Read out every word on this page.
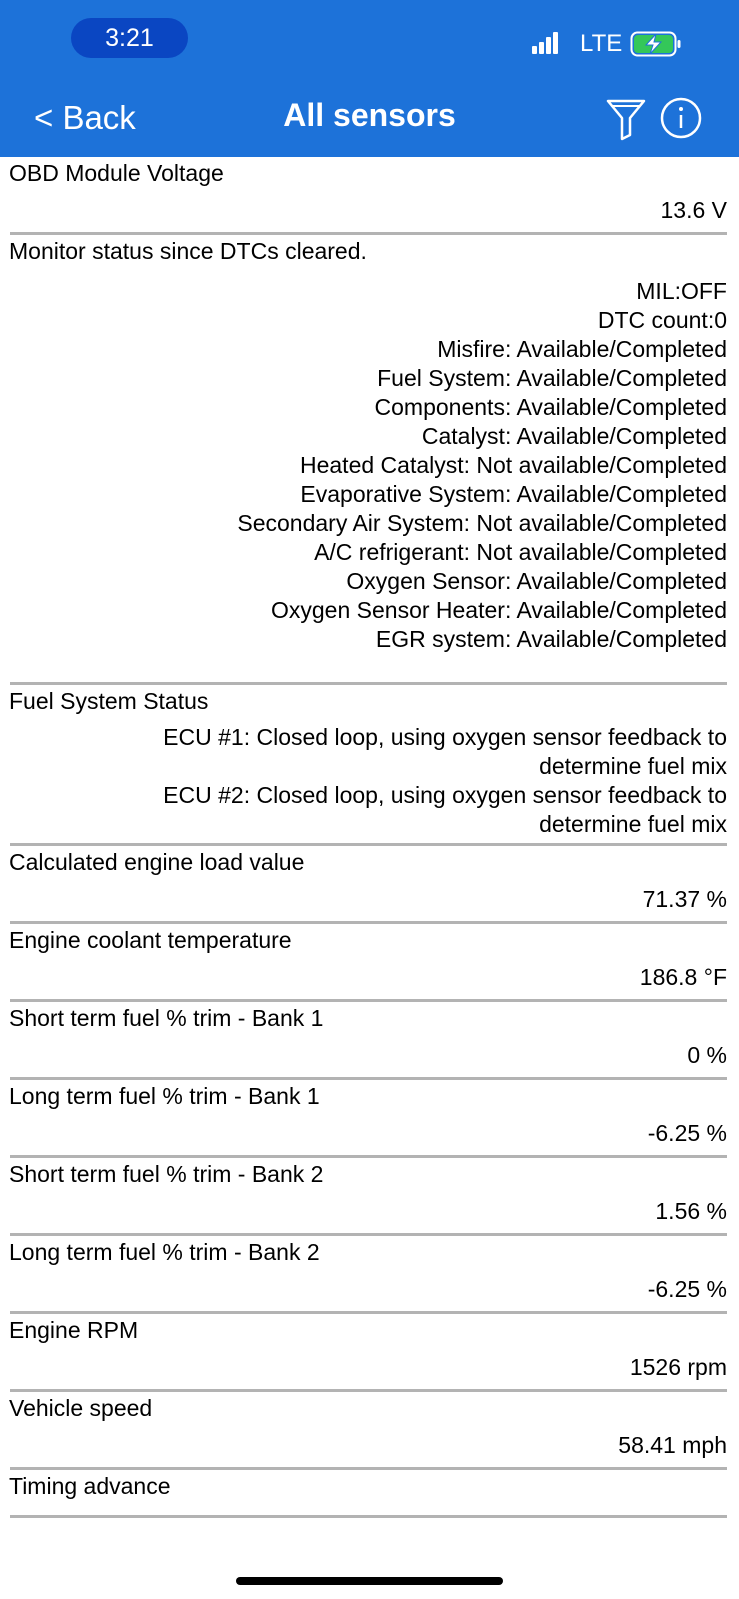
3:21	LTE
< Back	All sensors
OBD Module Voltage
13.6 V
Monitor status since DTCs cleared.
MIL:OFF
DTC count:0
Misfire: Available/Completed
Fuel System: Available/Completed
Components: Available/Completed
Catalyst: Available/Completed
Heated Catalyst: Not available/Completed
Evaporative System: Available/Completed
Secondary Air System: Not available/Completed
A/C refrigerant: Not available/Completed
Oxygen Sensor: Available/Completed
Oxygen Sensor Heater: Available/Completed
EGR system: Available/Completed
Fuel System Status
ECU #1: Closed loop, using oxygen sensor feedback to
determine fuel mix
ECU #2: Closed loop, using oxygen sensor feedback to
determine fuel mix
Calculated engine load value
71.37 %
Engine coolant temperature
186.8 °F
Short term fuel % trim - Bank 1
0 %
Long term fuel % trim - Bank 1
-6.25 %
Short term fuel % trim - Bank 2
1.56 %
Long term fuel % trim - Bank 2
-6.25 %
Engine RPM
1526 rpm
Vehicle speed
58.41 mph
Timing advance
